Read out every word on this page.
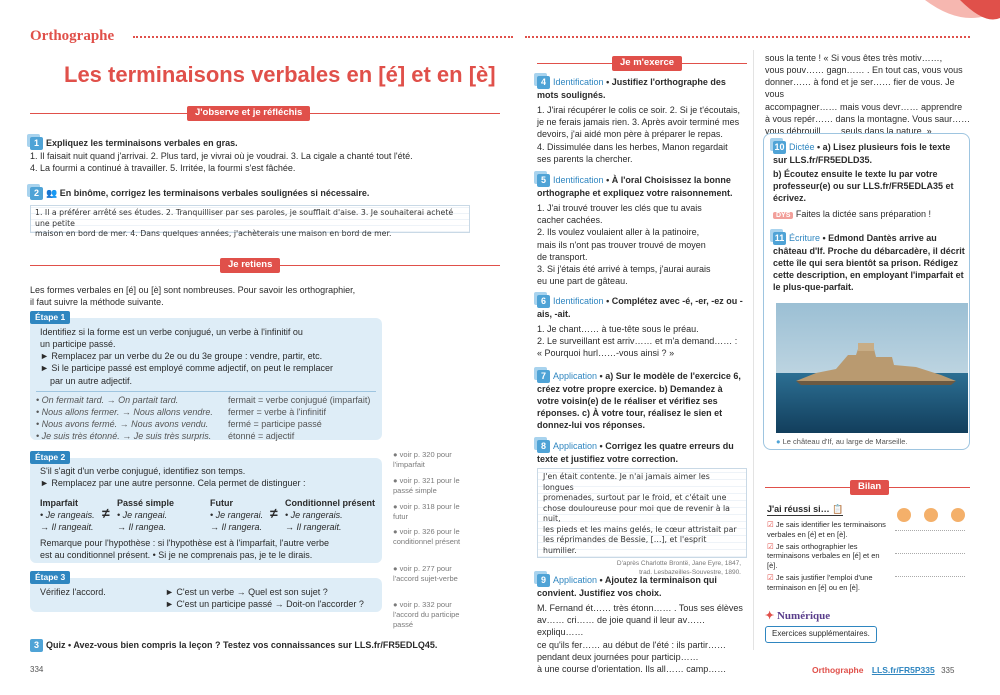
Orthographe
Les terminaisons verbales en [é] et en [è]
J'observe et je réfléchis
1 Expliquez les terminaisons verbales en gras.
1. Il faisait nuit quand j'arrivai. 2. Plus tard, je vivrai où je voudrai. 3. La cigale a chanté tout l'été.
4. La fourmi a continué à travailler. 5. Irritée, la fourmi s'est fâchée.
2 👥 En binôme, corrigez les terminaisons verbales soulignées si nécessaire.
1. Il a préférer arrêté ses études. 2. Tranquilliser par ses paroles, je soufflait d'aise. 3. Je souhaiterai acheté une petite
maison en bord de mer. 4. Dans quelques années, j'achèterais une maison en bord de mer.
Je retiens
Les formes verbales en [é] ou [è] sont nombreuses. Pour savoir les orthographier,
il faut suivre la méthode suivante.
Étape 1
Identifiez si la forme est un verbe conjugué, un verbe à l'infinitif ou
un participe passé.
► Remplacez par un verbe du 2e ou du 3e groupe : vendre, partir, etc.
► Si le participe passé est employé comme adjectif, on peut le remplacer
par un autre adjectif.
• On fermait tard. → On partait tard.
• Nous allons fermer. → Nous allons vendre.
• Nous avons fermé. → Nous avons vendu.
• Je suis très étonné. → Je suis très surpris.
fermait = verbe conjugué (imparfait)
fermer = verbe à l'infinitif
fermé = participe passé
étonné = adjectif
Étape 2
S'il s'agit d'un verbe conjugué, identifiez son temps.
► Remplacez par une autre personne. Cela permet de distinguer :
Imparfait
• Je rangeais.
→ Il rangeait.
≠
Passé simple
• Je rangeai.
→ Il rangea.
Futur
• Je rangerai.
→ Il rangera.
≠
Conditionnel présent
• Je rangerais.
→ Il rangerait.
Remarque pour l'hypothèse : si l'hypothèse est à l'imparfait, l'autre verbe
est au conditionnel présent. • Si je ne comprenais pas, je te le dirais.
Étape 3
Vérifiez l'accord.	► C'est un verbe → Quel est son sujet ?
► C'est un participe passé → Doit-on l'accorder ?
● voir p. 320 pour l'imparfait
● voir p. 321 pour le passé simple
● voir p. 318 pour le futur
● voir p. 326 pour le conditionnel présent
● voir p. 277 pour l'accord sujet-verbe
● voir p. 332 pour l'accord du participe passé
3 Quiz • Avez-vous bien compris la leçon ? Testez vos connaissances sur LLS.fr/FR5EDLQ45.
334
Je m'exerce
4 Identification • Justifiez l'orthographe des mots soulignés.
1. J'irai récupérer le colis ce soir. 2. Si je t'écoutais,
je ne ferais jamais rien. 3. Après avoir terminé mes
devoirs, j'ai aidé mon père à préparer le repas.
4. Dissimulée dans les herbes, Manon regardait
ses parents la chercher.
5 Identification • À l'oral Choisissez la bonne
orthographe et expliquez votre raisonnement.
1. J'ai trouvé trouver les clés que tu avais
cacher cachées.
2. Ils voulez voulaient aller à la patinoire,
mais ils n'ont pas trouver trouvé de moyen
de transport.
3. Si j'étais été arrivé à temps, j'aurai aurais
eu une part de gâteau.
6 Identification • Complétez avec -é, -er, -ez ou -ais, -ait.
1. Je chant…… à tue-tête sous le préau.
2. Le surveillant est arriv…… et m'a demand…… :
« Pourquoi hurl……-vous ainsi ? »
7 Application • a) Sur le modèle de l'exercice 6, créez votre propre exercice. b) Demandez à votre voisin(e) de le réaliser et vérifiez ses réponses. c) À votre tour, réalisez le sien et donnez-lui vos réponses.
8 Application • Corrigez les quatre erreurs du texte et justifiez votre correction.
J'en était contente. Je n'ai jamais aimer les longues
promenades, surtout par le froid, et c'était une
chose douloureuse pour moi que de revenir à la nuit,
les pieds et les mains gelés, le cœur attristait par
les réprimandes de Bessie, […], et l'esprit humilier.
D'après Charlotte Brontë, Jane Eyre, 1847,
trad. Lesbazeilles-Souvestre, 1890.
9 Application • Ajoutez la terminaison qui convient. Justifiez vos choix.
M. Fernand ét…… très étonn…… . Tous ses élèves
av…… cri…… de joie quand il leur av…… expliqu……
ce qu'ils fer…… au début de l'été : ils partir……
pendant deux journées pour particip……
à une course d'orientation. Ils all…… camp……
sous la tente ! « Si vous êtes très motiv……,
vous pouv…… gagn…… . En tout cas, vous vous
donner…… à fond et je ser…… fier de vous. Je vous
accompagner…… mais vous devr…… apprendre
à vous repér…… dans la montagne. Vous saur……
vous débrouill…… seuls dans la nature. »
10 Dictée • a) Lisez plusieurs fois le texte sur LLS.fr/FR5EDLD35.
b) Écoutez ensuite le texte lu par votre professeur(e) ou sur LLS.fr/FR5EDLA35 et écrivez.
DYS Faites la dictée sans préparation !
11 Écriture • Edmond Dantès arrive au château d'If. Proche du débarcadère, il décrit cette île qui sera bientôt sa prison. Rédigez cette description, en employant l'imparfait et le plus-que-parfait.
● Le château d'If, au large de Marseille.
Bilan
J'ai réussi si… 📋
☑ Je sais identifier les terminaisons verbales en [é] et en [è].
☑ Je sais orthographier les terminaisons verbales en [é] et en [è].
☑ Je sais justifier l'emploi d'une terminaison en [é] ou en [è].
✦ Numérique
Exercices supplémentaires.
Orthographe LLS.fr/FR5P335 335
